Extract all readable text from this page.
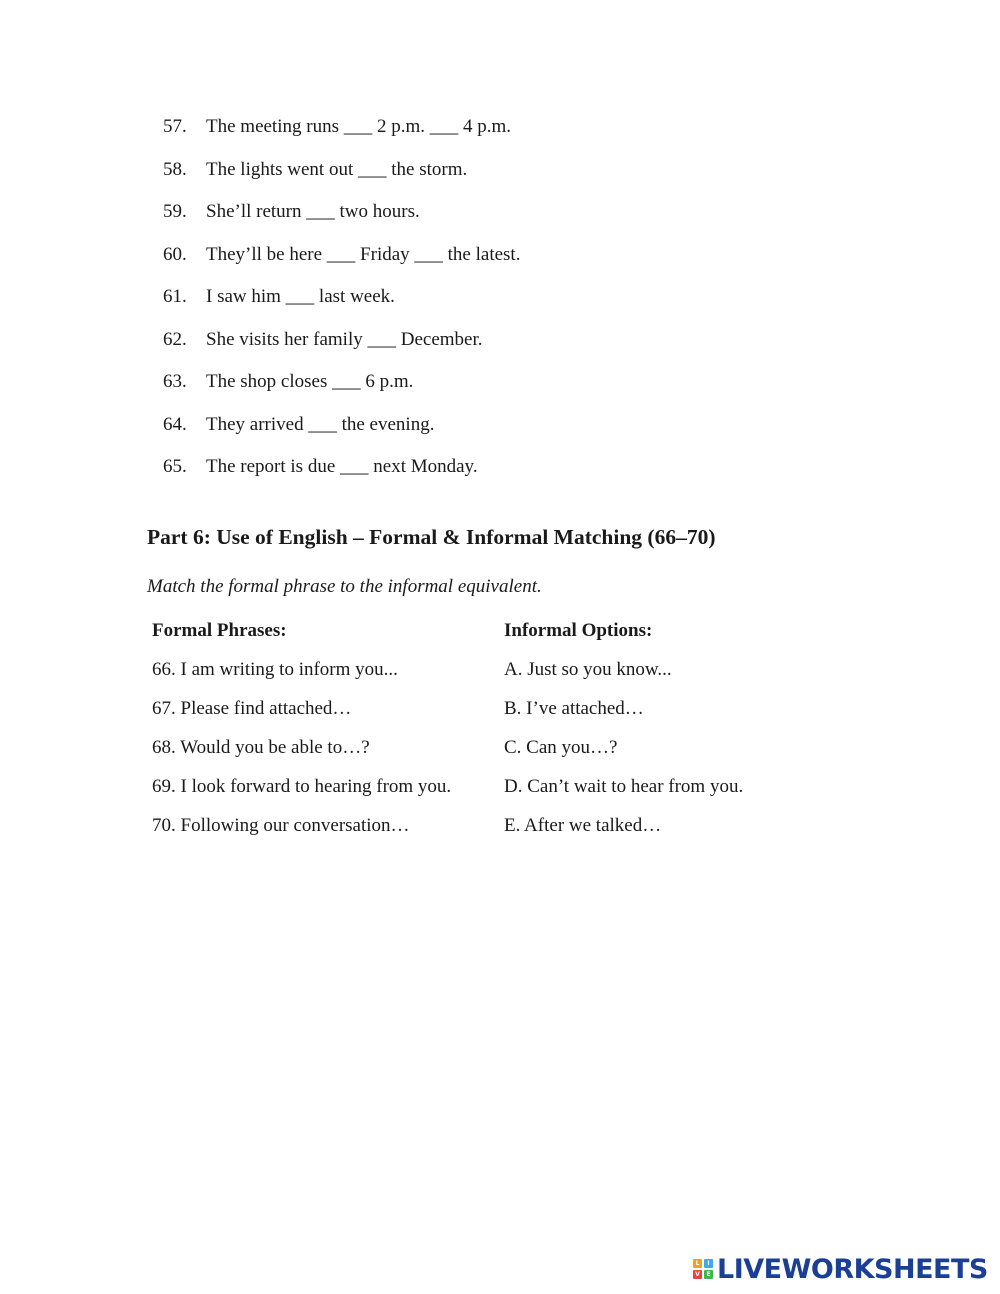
57.	The meeting runs ___ 2 p.m. ___ 4 p.m.
58.	The lights went out ___ the storm.
59.	She’ll return ___ two hours.
60.	They’ll be here ___ Friday ___ the latest.
61.	I saw him ___ last week.
62.	She visits her family ___ December.
63.	The shop closes ___ 6 p.m.
64.	They arrived ___ the evening.
65.	The report is due ___ next Monday.
Part 6: Use of English – Formal & Informal Matching (66–70)

Match the formal phrase to the informal equivalent.

Formal Phrases:	Informal Options:
66. I am writing to inform you...	A. Just so you know...
67. Please find attached…	B. I’ve attached…
68. Would you be able to…?	C. Can you…?
69. I look forward to hearing from you.	D. Can’t wait to hear from you.
70. Following our conversation…	E. After we talked…
L	I
V	E LIVEWORKSHEETS
